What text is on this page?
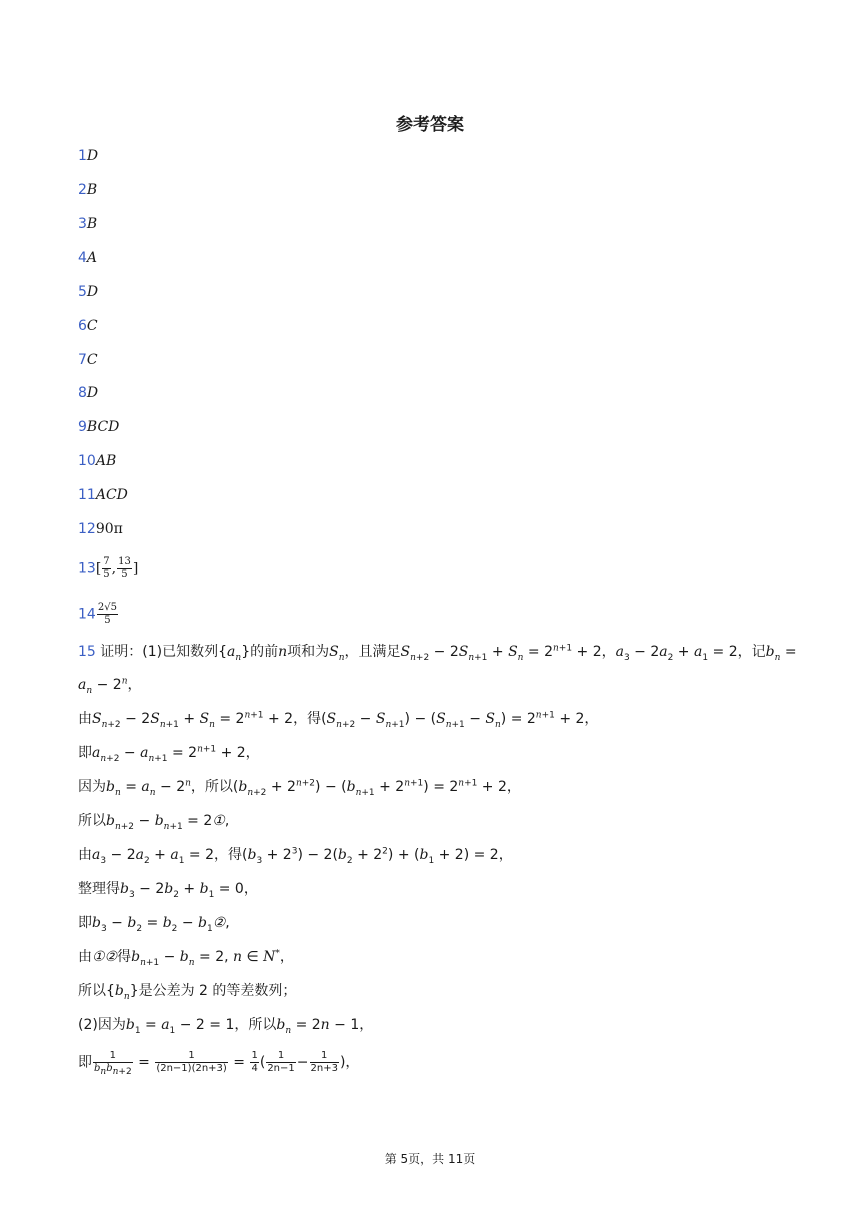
参考答案
1D
2B
3B
4A
5D
6C
7C
8D
9BCD
10AB
11ACD
1290π
$13[ \frac{7}{5}$ , $\frac{13}{5}$ ]
$14 \frac{2√5}{5}$
15 证明：(1)已知数列$\{a_n\}$的前n项和为$S_n$，且满足$S_{n+2} - 2S_{n+1} + S_n = 2^{n+1} + 2$，$a_3 - 2a_2 + a_1 = 2$，记$b_n$ =
$a_n - 2^n$，
由$S_{n+2} - 2S_{n+1} + S_n = 2^{n+1} + 2$，得$(S_{n+2} - S_{n+1}) - (S_{n+1} - S_n) = 2^{n+1} + 2$，
即$a_{n+2} - a_{n+1} = 2^{n+1} + 2$，
因为$b_n = a_n - 2^n$，所以$(b_{n+2} + 2^{n+2}) - (b_{n+1} + 2^{n+1}) = 2^{n+1} + 2$，
所以$b_{n+2} - b_{n+1}$ = 2①,
由$a_3 - 2a_2 + a_1 = 2$，得$(b_3 + 2^3) - 2(b_2 + 2^2) + (b_1 + 2) = 2$，
整理得$b_3 - 2b_2 + b_1 = 0$，
即$b_3 - b_2 = b_2$ − $b_1②$,
由①②得$b_{n+1} - b_n = 2$, n ∈ N*，
所以$\{b_n\}$是公差为 2 的等差数列；
(2)因为$b_1 = a_1 - 2 = 1$，所以$b_n = 2n - 1$，
即 $\frac{1}{b_nb_{n+2}} = \frac{1}{(2n-1)(2n+3)} = \frac{1}{4}$ ( $\frac{1}{2n-1} - \frac{1}{2n+3}$ )，
第 5页，共 11页
